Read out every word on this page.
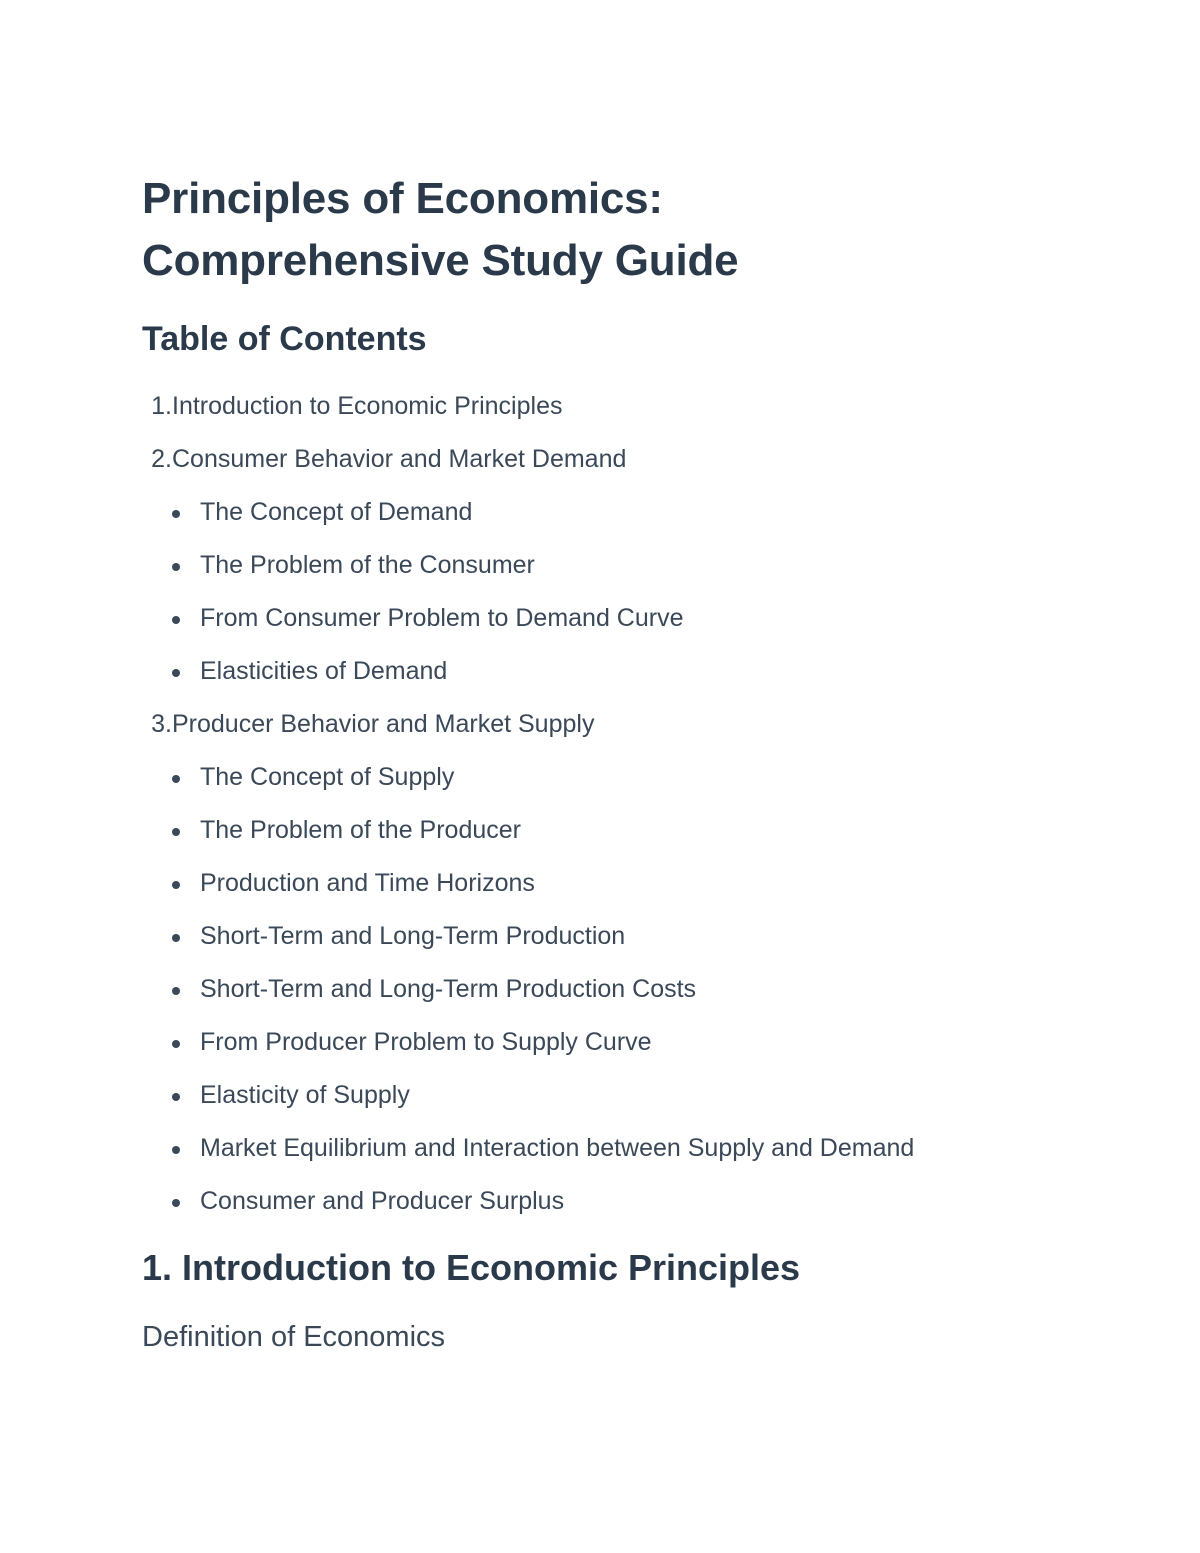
Principles of Economics:
Comprehensive Study Guide
Table of Contents
1. Introduction to Economic Principles
2. Consumer Behavior and Market Demand
The Concept of Demand
The Problem of the Consumer
From Consumer Problem to Demand Curve
Elasticities of Demand
3. Producer Behavior and Market Supply
The Concept of Supply
The Problem of the Producer
Production and Time Horizons
Short-Term and Long-Term Production
Short-Term and Long-Term Production Costs
From Producer Problem to Supply Curve
Elasticity of Supply
Market Equilibrium and Interaction between Supply and Demand
Consumer and Producer Surplus
1. Introduction to Economic Principles
Definition of Economics
